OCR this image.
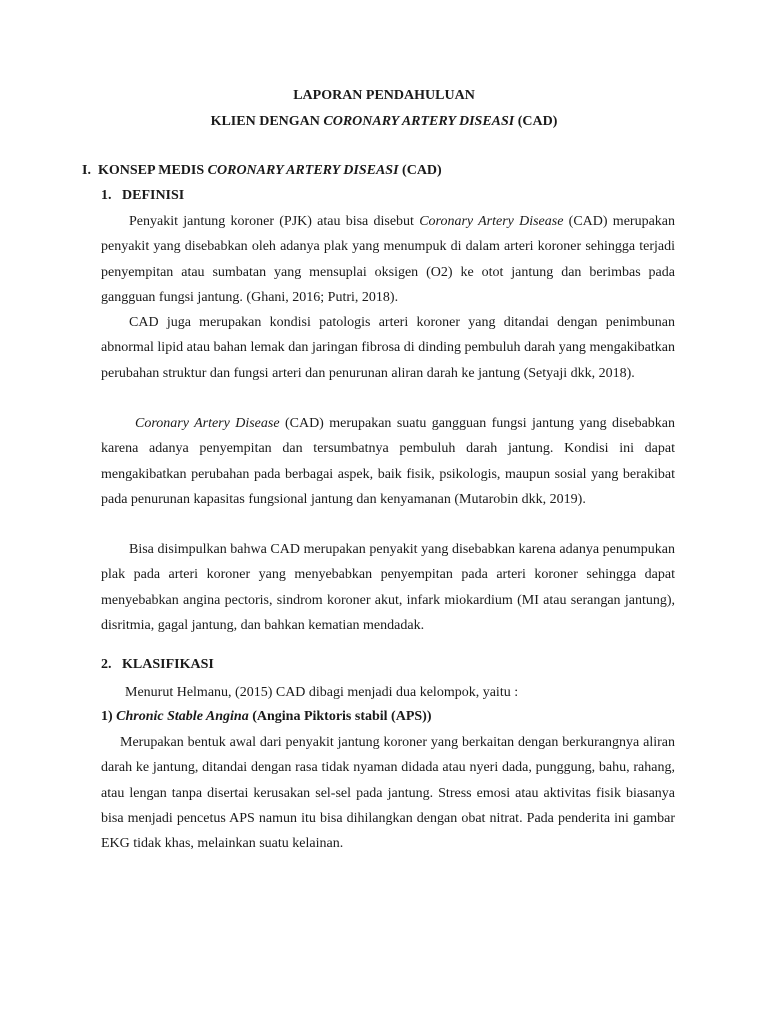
LAPORAN PENDAHULUAN
KLIEN DENGAN CORONARY ARTERY DISEASI (CAD)
I. KONSEP MEDIS CORONARY ARTERY DISEASI (CAD)
1.   DEFINISI

Penyakit jantung koroner (PJK) atau bisa disebut Coronary Artery Disease (CAD) merupakan penyakit yang disebabkan oleh adanya plak yang menumpuk di dalam arteri koroner sehingga terjadi penyempitan atau sumbatan yang mensuplai oksigen (O2) ke otot jantung dan berimbas pada gangguan fungsi jantung. (Ghani, 2016; Putri, 2018).

CAD juga merupakan kondisi patologis arteri koroner yang ditandai dengan penimbunan abnormal lipid atau bahan lemak dan jaringan fibrosa di dinding pembuluh darah yang mengakibatkan perubahan struktur dan fungsi arteri dan penurunan aliran darah ke jantung (Setyaji dkk, 2018).

Coronary Artery Disease (CAD) merupakan suatu gangguan fungsi jantung yang disebabkan karena adanya penyempitan dan tersumbatnya pembuluh darah jantung. Kondisi ini dapat mengakibatkan perubahan pada berbagai aspek, baik fisik, psikologis, maupun sosial yang berakibat pada penurunan kapasitas fungsional jantung dan kenyamanan (Mutarobin dkk, 2019).

Bisa disimpulkan bahwa CAD merupakan penyakit yang disebabkan karena adanya penumpukan plak pada arteri koroner yang menyebabkan penyempitan pada arteri koroner sehingga dapat menyebabkan angina pectoris, sindrom koroner akut, infark miokardium (MI atau serangan jantung), disritmia, gagal jantung, dan bahkan kematian mendadak.

2.   KLASIFIKASI
Menurut Helmanu, (2015) CAD dibagi menjadi dua kelompok, yaitu :
1) Chronic Stable Angina (Angina Piktoris stabil (APS))

Merupakan bentuk awal dari penyakit jantung koroner yang berkaitan dengan berkurangnya aliran darah ke jantung, ditandai dengan rasa tidak nyaman didada atau nyeri dada, punggung, bahu, rahang, atau lengan tanpa disertai kerusakan sel-sel pada jantung. Stress emosi atau aktivitas fisik biasanya bisa menjadi pencetus APS namun itu bisa dihilangkan dengan obat nitrat. Pada penderita ini gambar EKG tidak khas, melainkan suatu kelainan.
